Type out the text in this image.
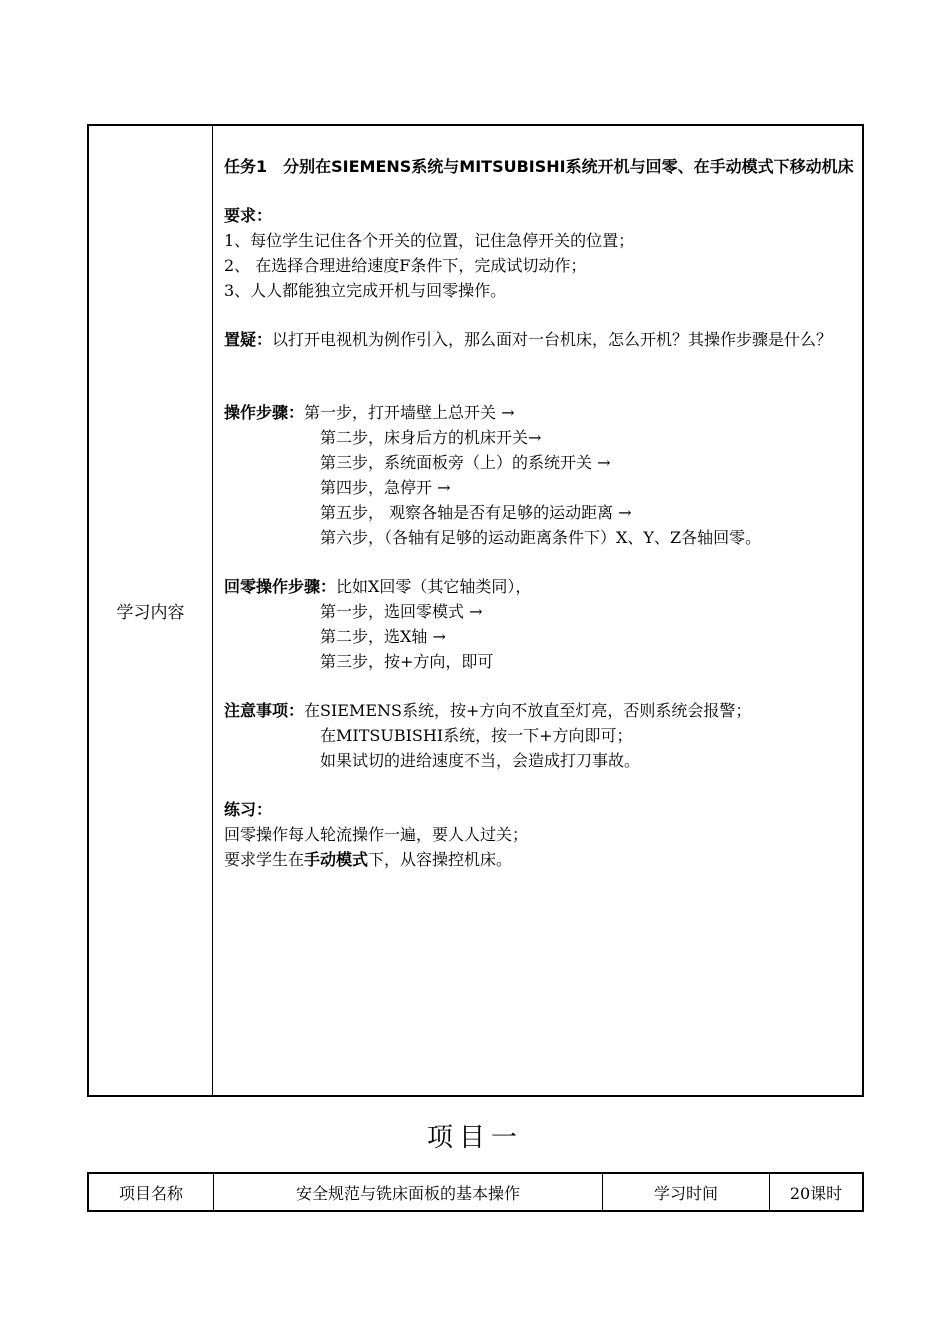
学习内容
任务1　分别在SIEMENS系统与MITSUBISHI系统开机与回零、在手动模式下移动机床
要求：
1、每位学生记住各个开关的位置，记住急停开关的位置；
2、 在选择合理进给速度F条件下，完成试切动作；
3、人人都能独立完成开机与回零操作。
置疑：以打开电视机为例作引入，那么面对一台机床，怎么开机？其操作步骤是什么？
操作步骤：第一步，打开墙壁上总开关 →
第二步，床身后方的机床开关→
第三步，系统面板旁（上）的系统开关 →
第四步，急停开 →
第五步， 观察各轴是否有足够的运动距离 →
第六步，（各轴有足够的运动距离条件下）X、Y、Z各轴回零。
回零操作步骤：比如X回零（其它轴类同），
第一步，选回零模式 →
第二步，选X轴 →
第三步，按+方向，即可
注意事项：在SIEMENS系统，按+方向不放直至灯亮，否则系统会报警；
在MITSUBISHI系统，按一下+方向即可；
如果试切的进给速度不当，会造成打刀事故。
练习：
回零操作每人轮流操作一遍，要人人过关；
要求学生在手动模式下，从容操控机床。
项目一
项目名称	安全规范与铣床面板的基本操作	学习时间	20课时
